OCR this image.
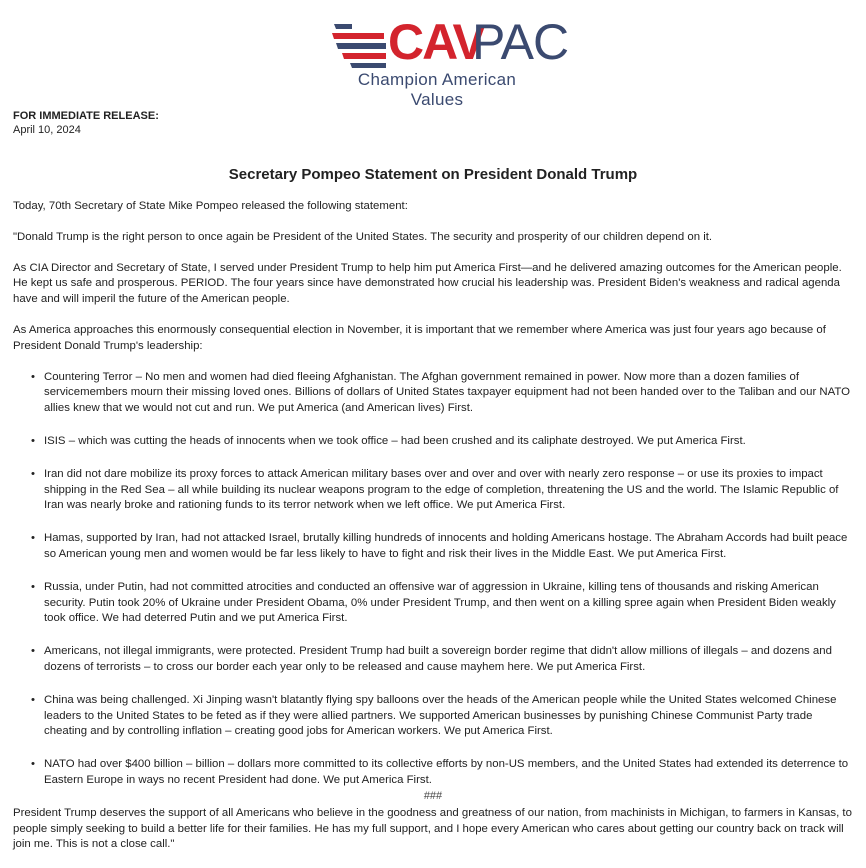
CAV
PAC
Champion American Values
FOR IMMEDIATE RELEASE:
April 10, 2024
Secretary Pompeo Statement on President Donald Trump

Today, 70th Secretary of State Mike Pompeo released the following statement:

"Donald Trump is the right person to once again be President of the United States. The security and prosperity of our children depend on it.

As CIA Director and Secretary of State, I served under President Trump to help him put America First—and he delivered amazing outcomes for the American people. He kept us safe and prosperous. PERIOD. The four years since have demonstrated how crucial his leadership was. President Biden's weakness and radical agenda have and will imperil the future of the American people.

As America approaches this enormously consequential election in November, it is important that we remember where America was just four years ago because of President Donald Trump's leadership:

• Countering Terror – No men and women had died fleeing Afghanistan. The Afghan government remained in power. Now more than a dozen families of servicemembers mourn their missing loved ones. Billions of dollars of United States taxpayer equipment had not been handed over to the Taliban and our NATO allies knew that we would not cut and run. We put America (and American lives) First.
• ISIS – which was cutting the heads of innocents when we took office – had been crushed and its caliphate destroyed. We put America First.
• Iran did not dare mobilize its proxy forces to attack American military bases over and over and over with nearly zero response – or use its proxies to impact shipping in the Red Sea – all while building its nuclear weapons program to the edge of completion, threatening the US and the world. The Islamic Republic of Iran was nearly broke and rationing funds to its terror network when we left office. We put America First.
• Hamas, supported by Iran, had not attacked Israel, brutally killing hundreds of innocents and holding Americans hostage. The Abraham Accords had built peace so American young men and women would be far less likely to have to fight and risk their lives in the Middle East. We put America First.
• Russia, under Putin, had not committed atrocities and conducted an offensive war of aggression in Ukraine, killing tens of thousands and risking American security. Putin took 20% of Ukraine under President Obama, 0% under President Trump, and then went on a killing spree again when President Biden weakly took office. We had deterred Putin and we put America First.
• Americans, not illegal immigrants, were protected. President Trump had built a sovereign border regime that didn't allow millions of illegals – and dozens and dozens of terrorists – to cross our border each year only to be released and cause mayhem here. We put America First.
• China was being challenged. Xi Jinping wasn't blatantly flying spy balloons over the heads of the American people while the United States welcomed Chinese leaders to the United States to be feted as if they were allied partners. We supported American businesses by punishing Chinese Communist Party trade cheating and by controlling inflation – creating good jobs for American workers. We put America First.
• NATO had over $400 billion – billion – dollars more committed to its collective efforts by non-US members, and the United States had extended its deterrence to Eastern Europe in ways no recent President had done. We put America First.

President Trump deserves the support of all Americans who believe in the goodness and greatness of our nation, from machinists in Michigan, to farmers in Kansas, to people simply seeking to build a better life for their families. He has my full support, and I hope every American who cares about getting our country back on track will join me. This is not a close call."

###
